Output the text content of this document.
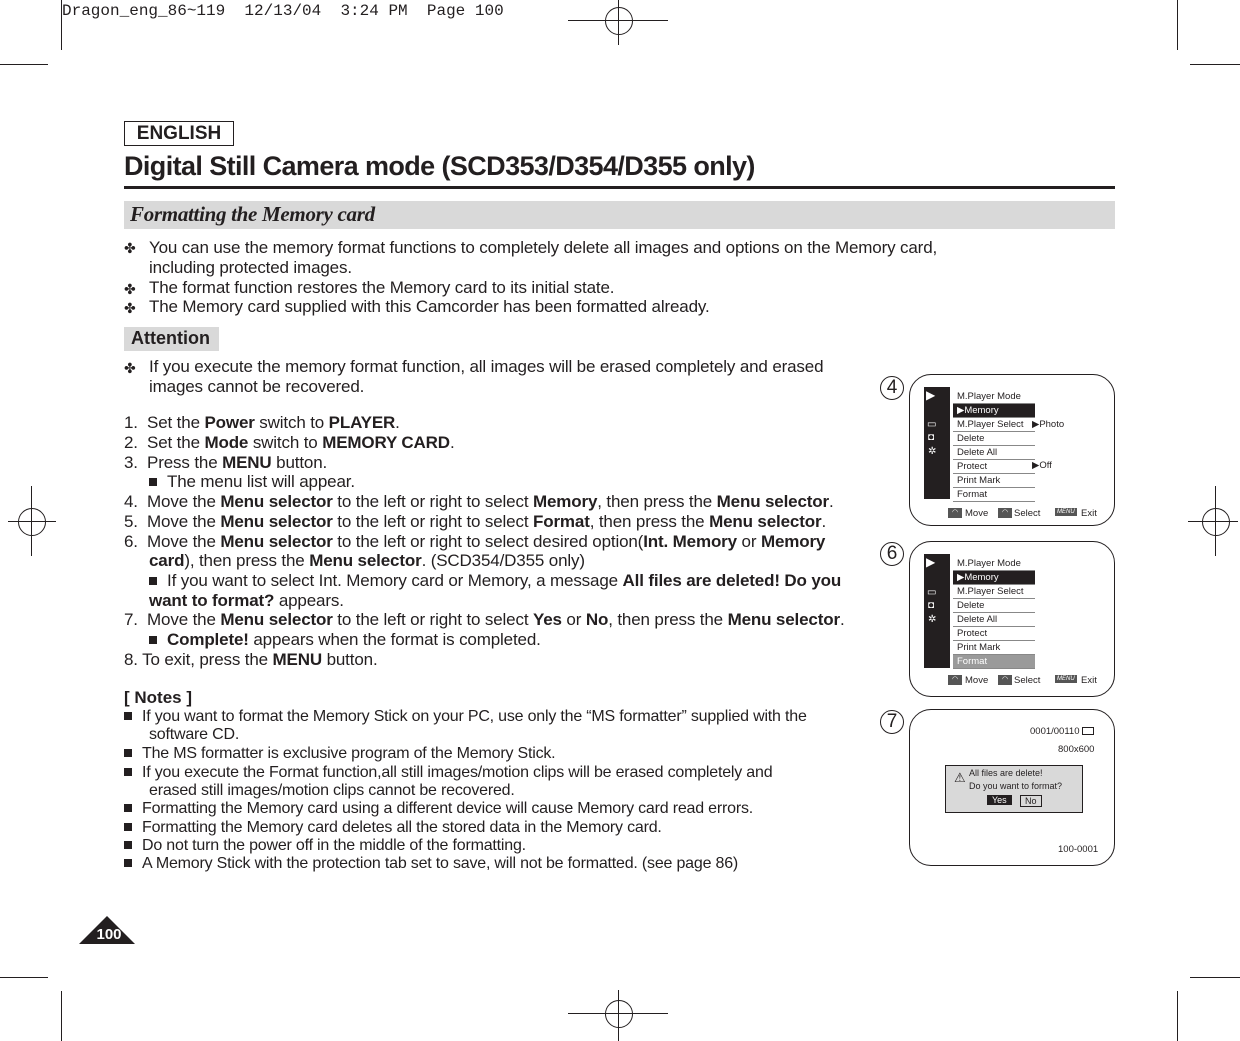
Dragon_eng_86~119  12/13/04  3:24 PM  Page 100
ENGLISH
Digital Still Camera mode (SCD353/D354/D355 only)
Formatting the Memory card
✤ You can use the memory format functions to completely delete all images and options on the Memory card,
including protected images.
✤ The format function restores the Memory card to its initial state.
✤ The Memory card supplied with this Camcorder has been formatted already.
Attention
✤ If you execute the memory format function, all images will be erased completely and erased
images cannot be recovered.
1. Set the Power switch to PLAYER.
2. Set the Mode switch to MEMORY CARD.
3. Press the MENU button.
The menu list will appear.
4. Move the Menu selector to the left or right to select Memory, then press the Menu selector.
5. Move the Menu selector to the left or right to select Format, then press the Menu selector.
6. Move the Menu selector to the left or right to select desired option(Int. Memory or Memory
card), then press the Menu selector. (SCD354/D355 only)
If you want to select Int. Memory card or Memory, a message All files are deleted! Do you
want to format? appears.
7. Move the Menu selector to the left or right to select Yes or No, then press the Menu selector.
Complete! appears when the format is completed.
8. To exit, press the MENU button.
[ Notes ]
If you want to format the Memory Stick on your PC, use only the “MS formatter” supplied with the
software CD.
The MS formatter is exclusive program of the Memory Stick.
If you execute the Format function,all still images/motion clips will be erased completely and
erased still images/motion clips cannot be recovered.
Formatting the Memory card using a different device will cause Memory card read errors.
Formatting the Memory card deletes all the stored data in the Memory card.
Do not turn the power off in the middle of the formatting.
A Memory Stick with the protection tab set to save, will not be formatted. (see page 86)
▶
▭
◘
✲
M.Player Mode
▶Memory
M.Player Select
Delete
Delete All
Protect
Print Mark
Format
▶Photo
▶Off
◠ Move	◠ Select	MENU Exit
4
▶
▭
◘
✲
M.Player Mode
▶Memory
M.Player Select
Delete
Delete All
Protect
Print Mark
Format
◠ Move	◠ Select	MENU Exit
6
0001/00110
800x600
⚠ All files are delete!
Do you want to format?
Yes	No
100-0001
7
100
